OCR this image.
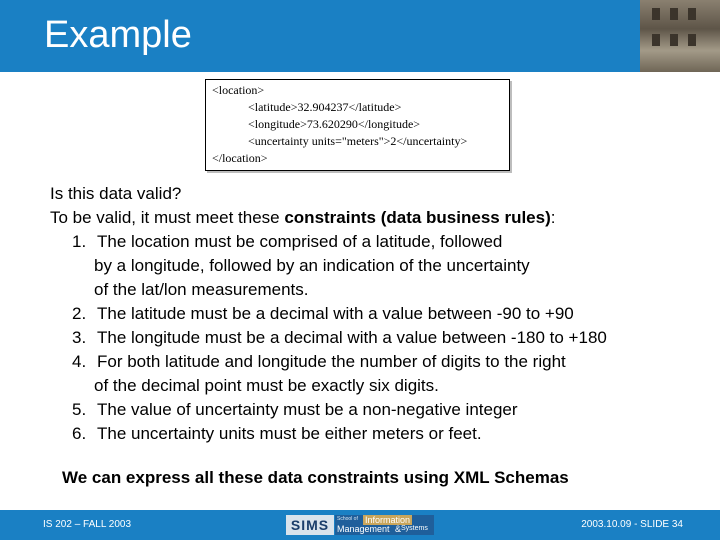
Example
<location>
<latitude>32.904237</latitude>
<longitude>73.620290</longitude>
<uncertainty units="meters">2</uncertainty>
</location>
Is this data valid?
To be valid, it must meet these constraints (data business rules):
1. The location must be comprised of a latitude, followed
by a longitude, followed by an indication of the uncertainty
of the lat/lon measurements.
2. The latitude must be a decimal with a value between -90 to +90
3. The longitude must be a decimal with a value between -180 to +180
4. For both latitude and longitude the number of digits to the right
of the decimal point must be exactly six digits.
5. The value of uncertainty must be a non-negative integer
6. The uncertainty units must be either meters or feet.
We can express all these data constraints using XML Schemas
IS 202 – FALL 2003	SIMS	School of Information
Management & Systems	2003.10.09 - SLIDE 34
